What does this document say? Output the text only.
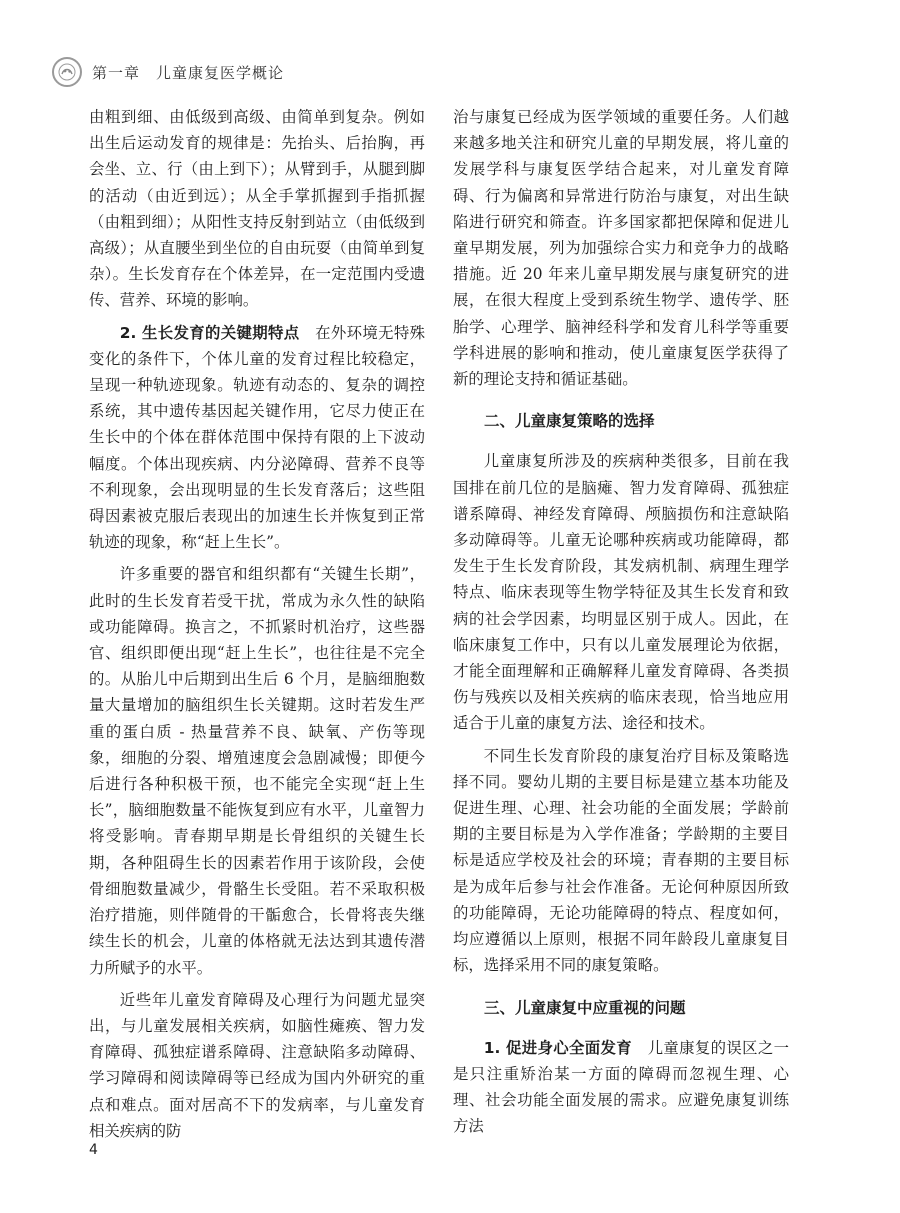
第一章　儿童康复医学概论

由粗到细、由低级到高级、由简单到复杂。例如出生后运动发育的规律是：先抬头、后抬胸，再会坐、立、行（由上到下）；从臂到手，从腿到脚的活动（由近到远）；从全手掌抓握到手指抓握（由粗到细）；从阳性支持反射到站立（由低级到高级）；从直腰坐到坐位的自由玩耍（由简单到复杂）。生长发育存在个体差异，在一定范围内受遗传、营养、环境的影响。

2. 生长发育的关键期特点　在外环境无特殊变化的条件下，个体儿童的发育过程比较稳定，呈现一种轨迹现象。轨迹有动态的、复杂的调控系统，其中遗传基因起关键作用，它尽力使正在生长中的个体在群体范围中保持有限的上下波动幅度。个体出现疾病、内分泌障碍、营养不良等不利现象，会出现明显的生长发育落后；这些阻碍因素被克服后表现出的加速生长并恢复到正常轨迹的现象，称“赶上生长”。

许多重要的器官和组织都有“关键生长期”，此时的生长发育若受干扰，常成为永久性的缺陷或功能障碍。换言之，不抓紧时机治疗，这些器官、组织即便出现“赶上生长”，也往往是不完全的。从胎儿中后期到出生后 6 个月，是脑细胞数量大量增加的脑组织生长关键期。这时若发生严重的蛋白质 - 热量营养不良、缺氧、产伤等现象，细胞的分裂、增殖速度会急剧减慢；即便今后进行各种积极干预，也不能完全实现“赶上生长”，脑细胞数量不能恢复到应有水平，儿童智力将受影响。青春期早期是长骨组织的关键生长期，各种阻碍生长的因素若作用于该阶段，会使骨细胞数量减少，骨骼生长受阻。若不采取积极治疗措施，则伴随骨的干骺愈合，长骨将丧失继续生长的机会，儿童的体格就无法达到其遗传潜力所赋予的水平。

近些年儿童发育障碍及心理行为问题尤显突出，与儿童发展相关疾病，如脑性瘫痪、智力发育障碍、孤独症谱系障碍、注意缺陷多动障碍、学习障碍和阅读障碍等已经成为国内外研究的重点和难点。面对居高不下的发病率，与儿童发育相关疾病的防

治与康复已经成为医学领域的重要任务。人们越来越多地关注和研究儿童的早期发展，将儿童的发展学科与康复医学结合起来，对儿童发育障碍、行为偏离和异常进行防治与康复，对出生缺陷进行研究和筛查。许多国家都把保障和促进儿童早期发展，列为加强综合实力和竞争力的战略措施。近 20 年来儿童早期发展与康复研究的进展，在很大程度上受到系统生物学、遗传学、胚胎学、心理学、脑神经科学和发育儿科学等重要学科进展的影响和推动，使儿童康复医学获得了新的理论支持和循证基础。

二、儿童康复策略的选择

儿童康复所涉及的疾病种类很多，目前在我国排在前几位的是脑瘫、智力发育障碍、孤独症谱系障碍、神经发育障碍、颅脑损伤和注意缺陷多动障碍等。儿童无论哪种疾病或功能障碍，都发生于生长发育阶段，其发病机制、病理生理学特点、临床表现等生物学特征及其生长发育和致病的社会学因素，均明显区别于成人。因此，在临床康复工作中，只有以儿童发展理论为依据，才能全面理解和正确解释儿童发育障碍、各类损伤与残疾以及相关疾病的临床表现，恰当地应用适合于儿童的康复方法、途径和技术。

不同生长发育阶段的康复治疗目标及策略选择不同。婴幼儿期的主要目标是建立基本功能及促进生理、心理、社会功能的全面发展；学龄前期的主要目标是为入学作准备；学龄期的主要目标是适应学校及社会的环境；青春期的主要目标是为成年后参与社会作准备。无论何种原因所致的功能障碍，无论功能障碍的特点、程度如何，均应遵循以上原则，根据不同年龄段儿童康复目标，选择采用不同的康复策略。

三、儿童康复中应重视的问题

1. 促进身心全面发育　儿童康复的误区之一是只注重矫治某一方面的障碍而忽视生理、心理、社会功能全面发展的需求。应避免康复训练方法

4
